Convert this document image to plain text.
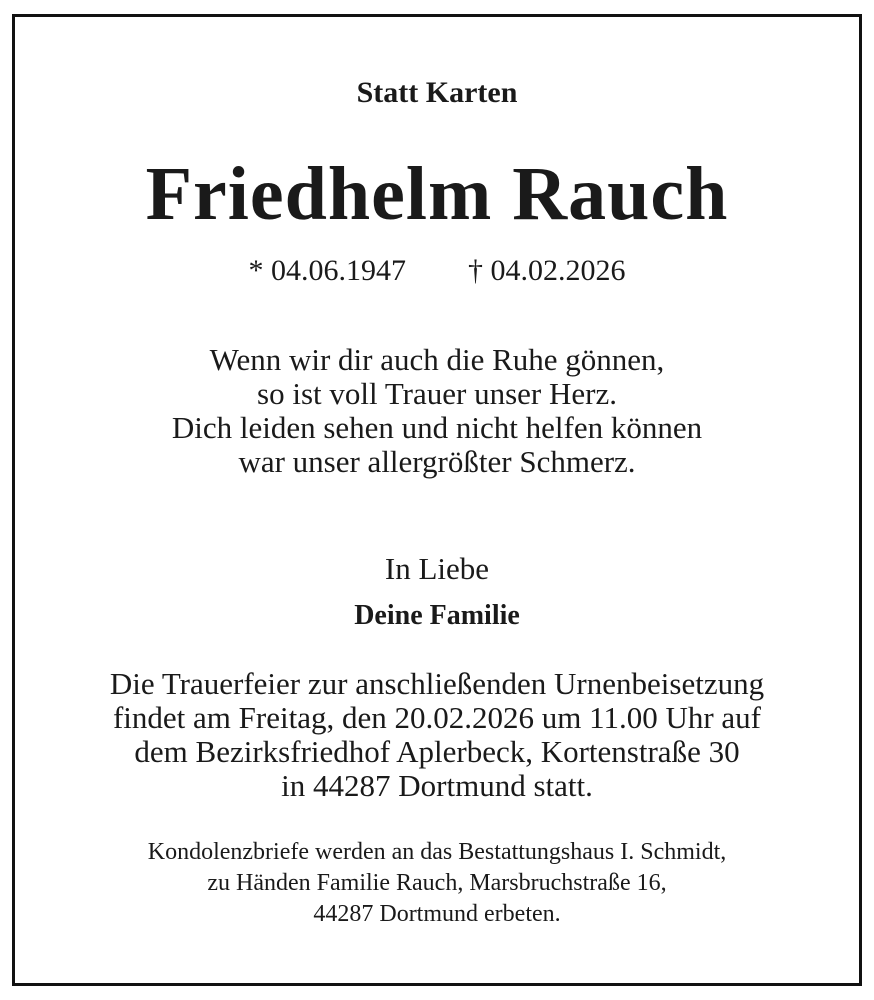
Statt Karten

Friedhelm Rauch
* 04.06.1947 † 04.02.2026
Wenn wir dir auch die Ruhe gönnen,
so ist voll Trauer unser Herz.
Dich leiden sehen und nicht helfen können
war unser allergrößter Schmerz.

In Liebe

Deine Familie

Die Trauerfeier zur anschließenden Urnenbeisetzung
findet am Freitag, den 20.02.2026 um 11.00 Uhr auf
dem Bezirksfriedhof Aplerbeck, Kortenstraße 30
in 44287 Dortmund statt.
Kondolenzbriefe werden an das Bestattungshaus I. Schmidt,
zu Händen Familie Rauch, Marsbruchstraße 16,
44287 Dortmund erbeten.
